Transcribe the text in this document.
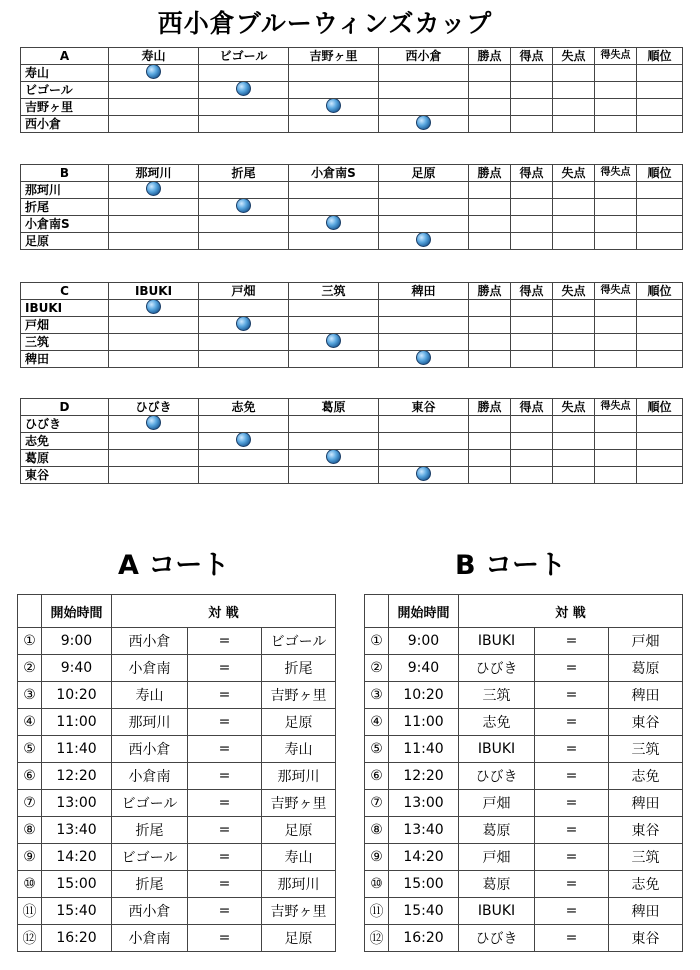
西小倉ブルーウィンズカップ
A	寿山	ビゴール	吉野ヶ里	西小倉	勝点	得点	失点	得失点	順位
寿山									
ビゴール									
吉野ヶ里									
西小倉									
B	那珂川	折尾	小倉南S	足原	勝点	得点	失点	得失点	順位
那珂川									
折尾									
小倉南S									
足原									
C	IBUKI	戸畑	三筑	稗田	勝点	得点	失点	得失点	順位
IBUKI									
戸畑									
三筑									
稗田									
D	ひびき	志免	葛原	東谷	勝点	得点	失点	得失点	順位
ひびき									
志免									
葛原									
東谷									
A コート	B コート
	開始時間	対 戦		
①	9:00	西小倉	=	ビゴール
②	9:40	小倉南	=	折尾
③	10:20	寿山	=	吉野ヶ里
④	11:00	那珂川	=	足原
⑤	11:40	西小倉	=	寿山
⑥	12:20	小倉南	=	那珂川
⑦	13:00	ビゴール	=	吉野ヶ里
⑧	13:40	折尾	=	足原
⑨	14:20	ビゴール	=	寿山
⑩	15:00	折尾	=	那珂川
⑪	15:40	西小倉	=	吉野ヶ里
⑫	16:20	小倉南	=	足原
	開始時間	対 戦		
①	9:00	IBUKI	=	戸畑
②	9:40	ひびき	=	葛原
③	10:20	三筑	=	稗田
④	11:00	志免	=	東谷
⑤	11:40	IBUKI	=	三筑
⑥	12:20	ひびき	=	志免
⑦	13:00	戸畑	=	稗田
⑧	13:40	葛原	=	東谷
⑨	14:20	戸畑	=	三筑
⑩	15:00	葛原	=	志免
⑪	15:40	IBUKI	=	稗田
⑫	16:20	ひびき	=	東谷
